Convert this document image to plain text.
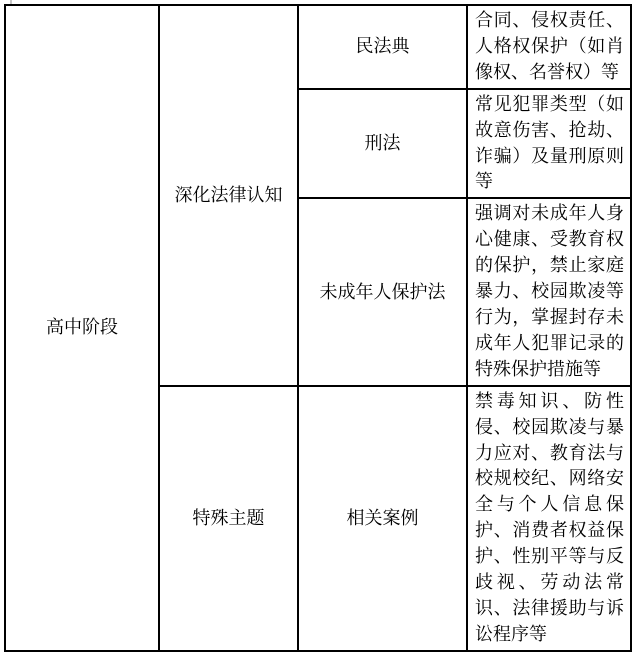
高中阶段	深化法律认知	民法典	合同、侵权责任、人格权保护（如肖像权、名誉权）等
		刑法	常见犯罪类型（如故意伤害、抢劫、诈骗）及量刑原则等
		未成年人保护法	强调对未成年人身心健康、受教育权的保护，禁止家庭暴力、校园欺凌等行为，掌握封存未成年人犯罪记录的特殊保护措施等
	特殊主题	相关案例	禁毒知识、防性侵、校园欺凌与暴力应对、教育法与校规校纪、网络安全与个人信息保护、消费者权益保护、性别平等与反歧视、劳动法常识、法律援助与诉讼程序等
